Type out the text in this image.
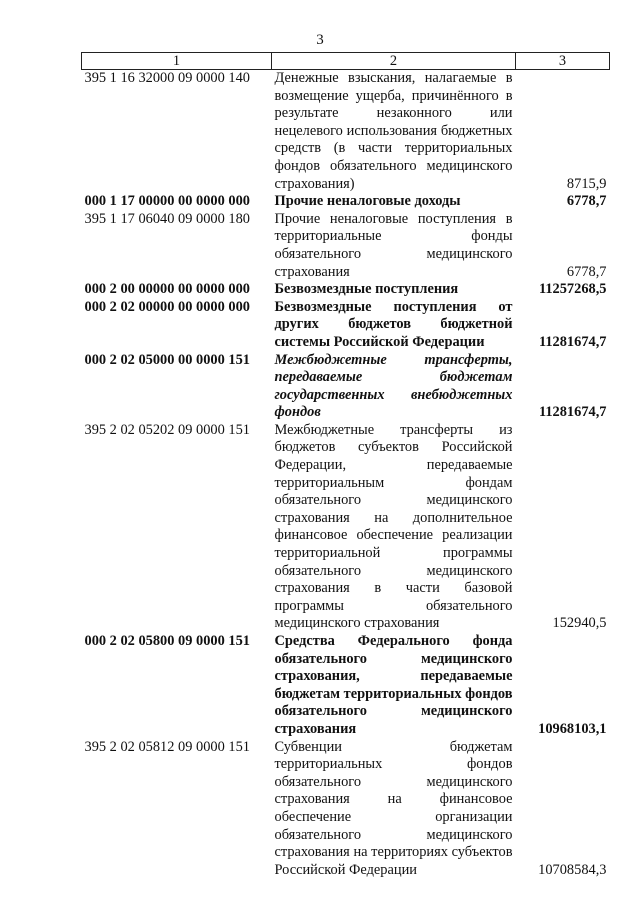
3
1	2	3
395 1 16 32000 09 0000 140	Денежные взыскания, налагаемые в возмещение ущерба, причинённого в результате незаконного или нецелевого использования бюджетных средств (в части территориальных фондов обязательного медицинского страхования)	8715,9
000 1 17 00000 00 0000 000	Прочие неналоговые доходы	6778,7
395 1 17 06040 09 0000 180	Прочие неналоговые поступления в территориальные фонды обязательного медицинского страхования	6778,7
000 2 00 00000 00 0000 000	Безвозмездные поступления	11257268,5
000 2 02 00000 00 0000 000	Безвозмездные поступления от других бюджетов бюджетной системы Российской Федерации	11281674,7
000 2 02 05000 00 0000 151	Межбюджетные трансферты, передаваемые бюджетам государственных внебюджетных фондов	11281674,7
395 2 02 05202 09 0000 151	Межбюджетные трансферты из бюджетов субъектов Российской Федерации, передаваемые территориальным фондам обязательного медицинского страхования на дополнительное финансовое обеспечение реализации территориальной программы обязательного медицинского страхования в части базовой программы обязательного медицинского страхования	152940,5
000 2 02 05800 09 0000 151	Средства Федерального фонда обязательного медицинского страхования, передаваемые бюджетам территориальных фондов обязательного медицинского страхования	10968103,1
395 2 02 05812 09 0000 151	Субвенции бюджетам территориальных фондов обязательного медицинского страхования на финансовое обеспечение организации обязательного медицинского страхования на территориях субъектов Российской Федерации	10708584,3
